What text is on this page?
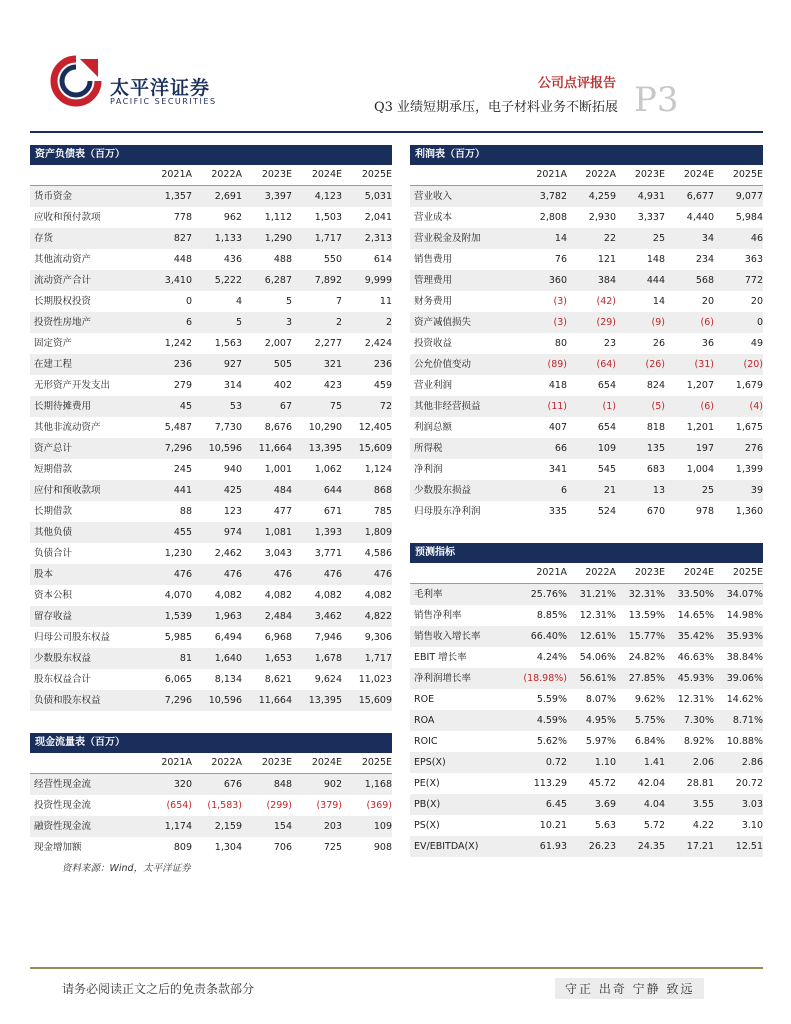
太平洋证券
PACIFIC SECURITIES
公司点评报告
Q3 业绩短期承压，电子材料业务不断拓展 P3
资产负债表（百万）
2021A	2022A	2023E	2024E	2025E
货币资金	1,357	2,691	3,397	4,123	5,031
应收和预付款项	778	962	1,112	1,503	2,041
存货	827	1,133	1,290	1,717	2,313
其他流动资产	448	436	488	550	614
流动资产合计	3,410	5,222	6,287	7,892	9,999
长期股权投资	0	4	5	7	11
投资性房地产	6	5	3	2	2
固定资产	1,242	1,563	2,007	2,277	2,424
在建工程	236	927	505	321	236
无形资产开发支出	279	314	402	423	459
长期待摊费用	45	53	67	75	72
其他非流动资产	5,487	7,730	8,676	10,290	12,405
资产总计	7,296	10,596	11,664	13,395	15,609
短期借款	245	940	1,001	1,062	1,124
应付和预收款项	441	425	484	644	868
长期借款	88	123	477	671	785
其他负债	455	974	1,081	1,393	1,809
负债合计	1,230	2,462	3,043	3,771	4,586
股本	476	476	476	476	476
资本公积	4,070	4,082	4,082	4,082	4,082
留存收益	1,539	1,963	2,484	3,462	4,822
归母公司股东权益	5,985	6,494	6,968	7,946	9,306
少数股东权益	81	1,640	1,653	1,678	1,717
股东权益合计	6,065	8,134	8,621	9,624	11,023
负债和股东权益	7,296	10,596	11,664	13,395	15,609
现金流量表（百万）
2021A	2022A	2023E	2024E	2025E
经营性现金流	320	676	848	902	1,168
投资性现金流	(654)	(1,583)	(299)	(379)	(369)
融资性现金流	1,174	2,159	154	203	109
现金增加额	809	1,304	706	725	908
利润表（百万）
2021A	2022A	2023E	2024E	2025E
营业收入	3,782	4,259	4,931	6,677	9,077
营业成本	2,808	2,930	3,337	4,440	5,984
营业税金及附加	14	22	25	34	46
销售费用	76	121	148	234	363
管理费用	360	384	444	568	772
财务费用	(3)	(42)	14	20	20
资产减值损失	(3)	(29)	(9)	(6)	0
投资收益	80	23	26	36	49
公允价值变动	(89)	(64)	(26)	(31)	(20)
营业利润	418	654	824	1,207	1,679
其他非经营损益	(11)	(1)	(5)	(6)	(4)
利润总额	407	654	818	1,201	1,675
所得税	66	109	135	197	276
净利润	341	545	683	1,004	1,399
少数股东损益	6	21	13	25	39
归母股东净利润	335	524	670	978	1,360
预测指标
2021A	2022A	2023E	2024E	2025E
毛利率	25.76%	31.21%	32.31%	33.50%	34.07%
销售净利率	8.85%	12.31%	13.59%	14.65%	14.98%
销售收入增长率	66.40%	12.61%	15.77%	35.42%	35.93%
EBIT 增长率	4.24%	54.06%	24.82%	46.63%	38.84%
净利润增长率	(18.98%)	56.61%	27.85%	45.93%	39.06%
ROE	5.59%	8.07%	9.62%	12.31%	14.62%
ROA	4.59%	4.95%	5.75%	7.30%	8.71%
ROIC	5.62%	5.97%	6.84%	8.92%	10.88%
EPS(X)	0.72	1.10	1.41	2.06	2.86
PE(X)	113.29	45.72	42.04	28.81	20.72
PB(X)	6.45	3.69	4.04	3.55	3.03
PS(X)	10.21	5.63	5.72	4.22	3.10
EV/EBITDA(X)	61.93	26.23	24.35	17.21	12.51
资料来源：Wind，太平洋证券
请务必阅读正文之后的免责条款部分	守正 出奇 宁静 致远
